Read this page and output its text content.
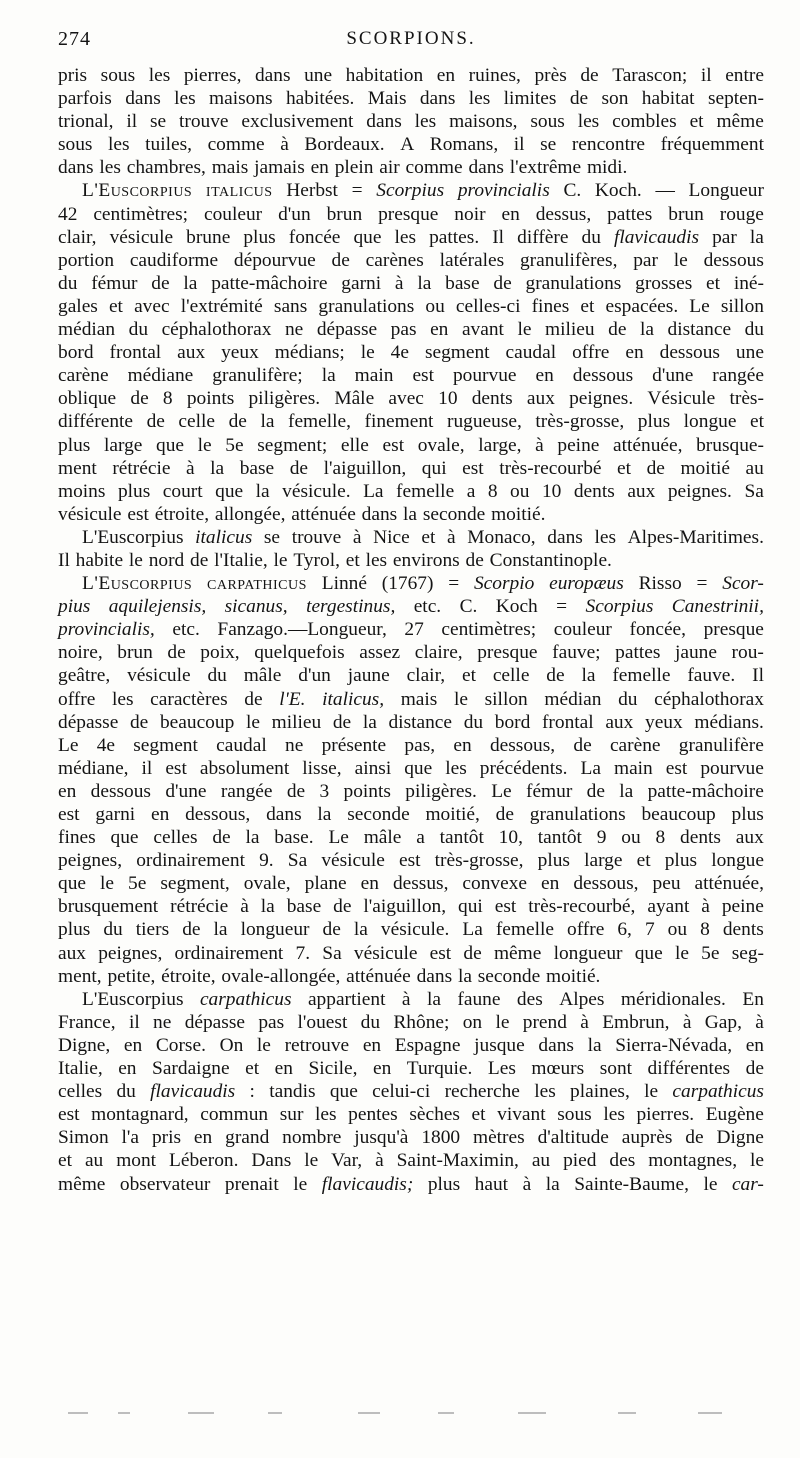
274	SCORPIONS.
pris sous les pierres, dans une habitation en ruines, près de Tarascon; il entre
parfois dans les maisons habitées. Mais dans les limites de son habitat septen-
trional, il se trouve exclusivement dans les maisons, sous les combles et même
sous les tuiles, comme à Bordeaux. A Romans, il se rencontre fréquemment
dans les chambres, mais jamais en plein air comme dans l'extrême midi.
L'Euscorpius italicus Herbst = Scorpius provincialis C. Koch. — Longueur
42 centimètres; couleur d'un brun presque noir en dessus, pattes brun rouge
clair, vésicule brune plus foncée que les pattes. Il diffère du flavicaudis par la
portion caudiforme dépourvue de carènes latérales granulifères, par le dessous
du fémur de la patte-mâchoire garni à la base de granulations grosses et iné-
gales et avec l'extrémité sans granulations ou celles-ci fines et espacées. Le sillon
médian du céphalothorax ne dépasse pas en avant le milieu de la distance du
bord frontal aux yeux médians; le 4e segment caudal offre en dessous une
carène médiane granulifère; la main est pourvue en dessous d'une rangée
oblique de 8 points piligères. Mâle avec 10 dents aux peignes. Vésicule très-
différente de celle de la femelle, finement rugueuse, très-grosse, plus longue et
plus large que le 5e segment; elle est ovale, large, à peine atténuée, brusque-
ment rétrécie à la base de l'aiguillon, qui est très-recourbé et de moitié au
moins plus court que la vésicule. La femelle a 8 ou 10 dents aux peignes. Sa
vésicule est étroite, allongée, atténuée dans la seconde moitié.
L'Euscorpius italicus se trouve à Nice et à Monaco, dans les Alpes-Maritimes.
Il habite le nord de l'Italie, le Tyrol, et les environs de Constantinople.
L'Euscorpius carpathicus Linné (1767) = Scorpio europæus Risso = Scor-
pius aquilejensis, sicanus, tergestinus, etc. C. Koch = Scorpius Canestrinii,
provincialis, etc. Fanzago.—Longueur, 27 centimètres; couleur foncée, presque
noire, brun de poix, quelquefois assez claire, presque fauve; pattes jaune rou-
geâtre, vésicule du mâle d'un jaune clair, et celle de la femelle fauve. Il
offre les caractères de l'E. italicus, mais le sillon médian du céphalothorax
dépasse de beaucoup le milieu de la distance du bord frontal aux yeux médians.
Le 4e segment caudal ne présente pas, en dessous, de carène granulifère
médiane, il est absolument lisse, ainsi que les précédents. La main est pourvue
en dessous d'une rangée de 3 points piligères. Le fémur de la patte-mâchoire
est garni en dessous, dans la seconde moitié, de granulations beaucoup plus
fines que celles de la base. Le mâle a tantôt 10, tantôt 9 ou 8 dents aux
peignes, ordinairement 9. Sa vésicule est très-grosse, plus large et plus longue
que le 5e segment, ovale, plane en dessus, convexe en dessous, peu atténuée,
brusquement rétrécie à la base de l'aiguillon, qui est très-recourbé, ayant à peine
plus du tiers de la longueur de la vésicule. La femelle offre 6, 7 ou 8 dents
aux peignes, ordinairement 7. Sa vésicule est de même longueur que le 5e seg-
ment, petite, étroite, ovale-allongée, atténuée dans la seconde moitié.
L'Euscorpius carpathicus appartient à la faune des Alpes méridionales. En
France, il ne dépasse pas l'ouest du Rhône; on le prend à Embrun, à Gap, à
Digne, en Corse. On le retrouve en Espagne jusque dans la Sierra-Névada, en
Italie, en Sardaigne et en Sicile, en Turquie. Les mœurs sont différentes de
celles du flavicaudis : tandis que celui-ci recherche les plaines, le carpathicus
est montagnard, commun sur les pentes sèches et vivant sous les pierres. Eugène
Simon l'a pris en grand nombre jusqu'à 1800 mètres d'altitude auprès de Digne
et au mont Léberon. Dans le Var, à Saint-Maximin, au pied des montagnes, le
même observateur prenait le flavicaudis; plus haut à la Sainte-Baume, le car-
